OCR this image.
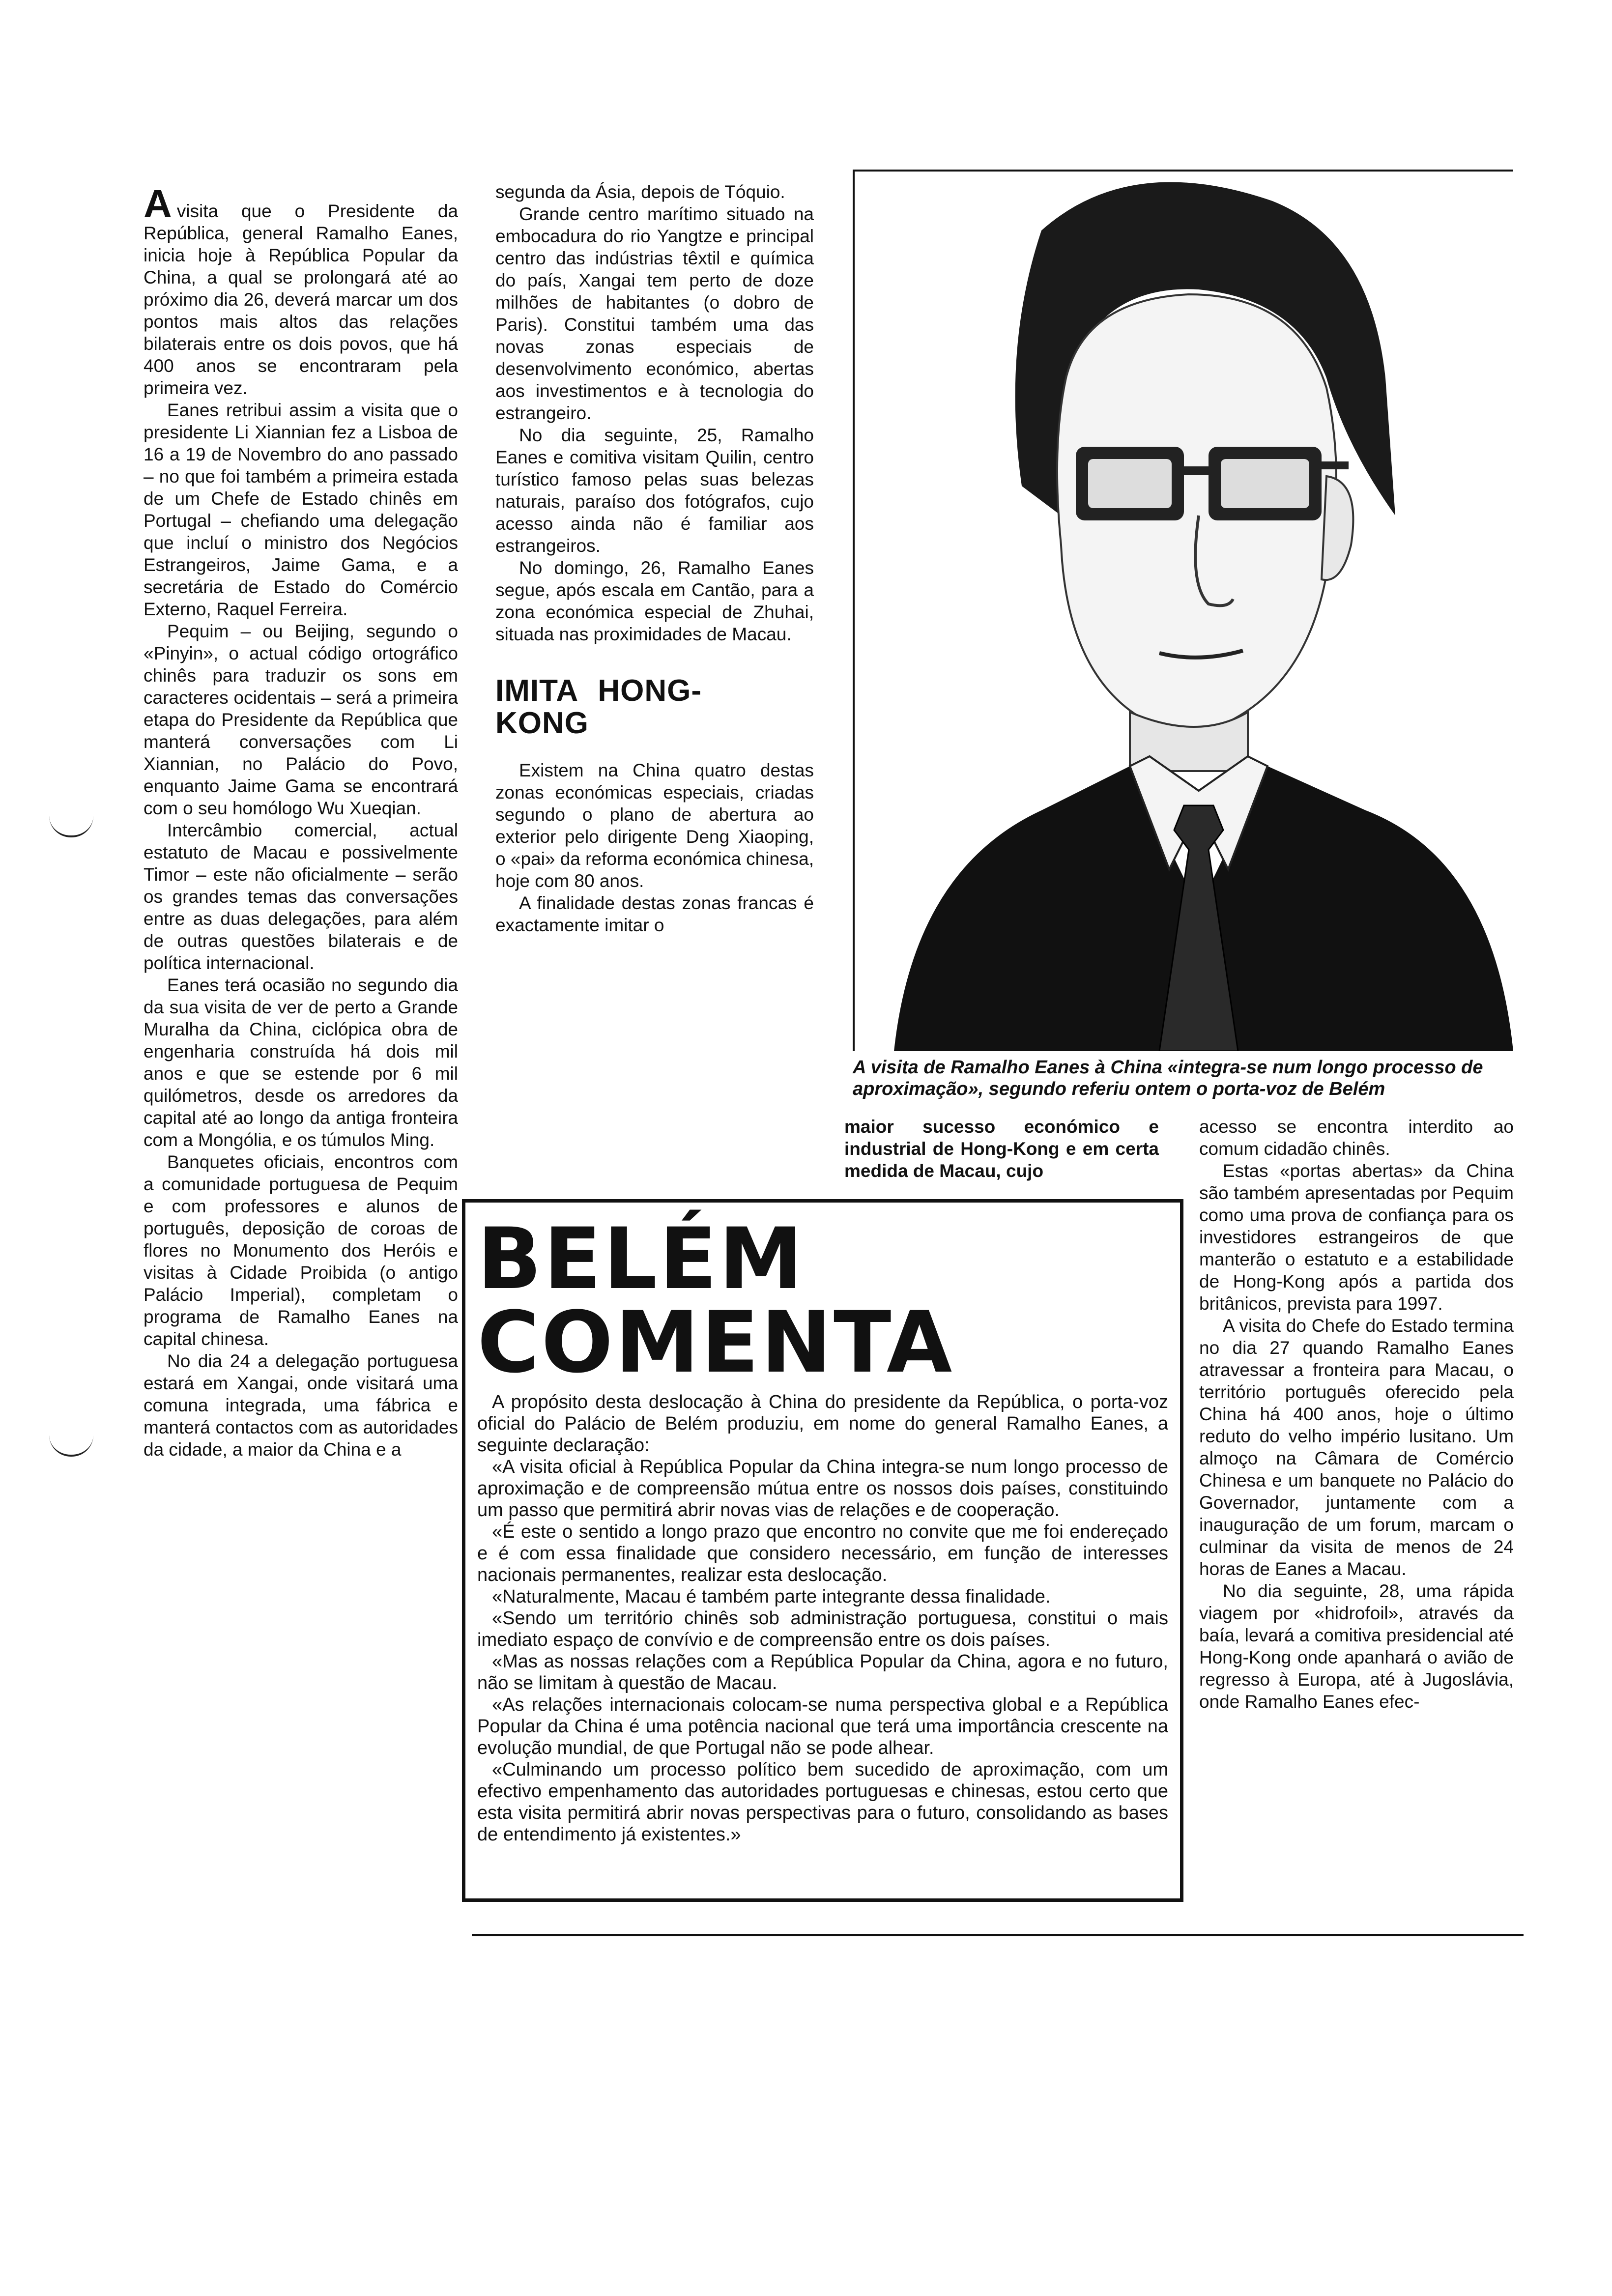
Avisita que o Presidente da República, general Ramalho Eanes, inicia hoje à República Popular da China, a qual se prolongará até ao próximo dia 26, deverá marcar um dos pontos mais altos das relações bilaterais entre os dois povos, que há 400 anos se encontraram pela primeira vez.

Eanes retribui assim a visita que o presidente Li Xiannian fez a Lisboa de 16 a 19 de Novembro do ano passado – no que foi também a primeira estada de um Chefe de Estado chinês em Portugal – chefiando uma delegação que incluí o ministro dos Negócios Estrangeiros, Jaime Gama, e a secretária de Estado do Comércio Externo, Raquel Ferreira.

Pequim – ou Beijing, segundo o «Pinyin», o actual código ortográfico chinês para traduzir os sons em caracteres ocidentais – será a primeira etapa do Presidente da República que manterá conversações com Li Xiannian, no Palácio do Povo, enquanto Jaime Gama se encontrará com o seu homólogo Wu Xueqian.

Intercâmbio comercial, actual estatuto de Macau e possivelmente Timor – este não oficialmente – serão os grandes temas das conversações entre as duas delegações, para além de outras questões bilaterais e de política internacional.

Eanes terá ocasião no segundo dia da sua visita de ver de perto a Grande Muralha da China, ciclópica obra de engenharia construída há dois mil anos e que se estende por 6 mil quilómetros, desde os arredores da capital até ao longo da antiga fronteira com a Mongólia, e os túmulos Ming.

Banquetes oficiais, encontros com a comunidade portuguesa de Pequim e com professores e alunos de português, deposição de coroas de flores no Monumento dos Heróis e visitas à Cidade Proibida (o antigo Palácio Imperial), completam o programa de Ramalho Eanes na capital chinesa.

No dia 24 a delegação portuguesa estará em Xangai, onde visitará uma comuna integrada, uma fábrica e manterá contactos com as autoridades da cidade, a maior da China e a

segunda da Ásia, depois de Tóquio.

Grande centro marítimo situado na embocadura do rio Yangtze e principal centro das indústrias têxtil e química do país, Xangai tem perto de doze milhões de habitantes (o dobro de Paris). Constitui também uma das novas zonas especiais de desenvolvimento económico, abertas aos investimentos e à tecnologia do estrangeiro.

No dia seguinte, 25, Ramalho Eanes e comitiva visitam Quilin, centro turístico famoso pelas suas belezas naturais, paraíso dos fotógrafos, cujo acesso ainda não é familiar aos estrangeiros.

No domingo, 26, Ramalho Eanes segue, após escala em Cantão, para a zona económica especial de Zhuhai, situada nas proximidades de Macau.

IMITA HONG-KONG

Existem na China quatro destas zonas económicas especiais, criadas segundo o plano de abertura ao exterior pelo dirigente Deng Xiaoping, o «pai» da reforma económica chinesa, hoje com 80 anos.

A finalidade destas zonas francas é exactamente imitar o

A visita de Ramalho Eanes à China «integra-se num longo processo de aproximação», segundo referiu ontem o porta-voz de Belém

maior sucesso económico e industrial de Hong-Kong e em certa medida de Macau, cujo

acesso se encontra interdito ao comum cidadão chinês.

Estas «portas abertas» da China são também apresentadas por Pequim como uma prova de confiança para os investidores estrangeiros de que manterão o estatuto e a estabilidade de Hong-Kong após a partida dos britânicos, prevista para 1997.

A visita do Chefe do Estado termina no dia 27 quando Ramalho Eanes atravessar a fronteira para Macau, o território português oferecido pela China há 400 anos, hoje o último reduto do velho império lusitano. Um almoço na Câmara de Comércio Chinesa e um banquete no Palácio do Governador, juntamente com a inauguração de um forum, marcam o culminar da visita de menos de 24 horas de Eanes a Macau.

No dia seguinte, 28, uma rápida viagem por «hidrofoil», através da baía, levará a comitiva presidencial até Hong-Kong onde apanhará o avião de regresso à Europa, até à Jugoslávia, onde Ramalho Eanes efec-

BELÉM COMENTA

A propósito desta deslocação à China do presidente da República, o porta-voz oficial do Palácio de Belém produziu, em nome do general Ramalho Eanes, a seguinte declaração:

«A visita oficial à República Popular da China integra-se num longo processo de aproximação e de compreensão mútua entre os nossos dois países, constituindo um passo que permitirá abrir novas vias de relações e de cooperação.

«É este o sentido a longo prazo que encontro no convite que me foi endereçado e é com essa finalidade que considero necessário, em função de interesses nacionais permanentes, realizar esta deslocação.

«Naturalmente, Macau é também parte integrante dessa finalidade.

«Sendo um território chinês sob administração portuguesa, constitui o mais imediato espaço de convívio e de compreensão entre os dois países.

«Mas as nossas relações com a República Popular da China, agora e no futuro, não se limitam à questão de Macau.

«As relações internacionais colocam-se numa perspectiva global e a República Popular da China é uma potência nacional que terá uma importância crescente na evolução mundial, de que Portugal não se pode alhear.

«Culminando um processo político bem sucedido de aproximação, com um efectivo empenhamento das autoridades portuguesas e chinesas, estou certo que esta visita permitirá abrir novas perspectivas para o futuro, consolidando as bases de entendimento já existentes.»
